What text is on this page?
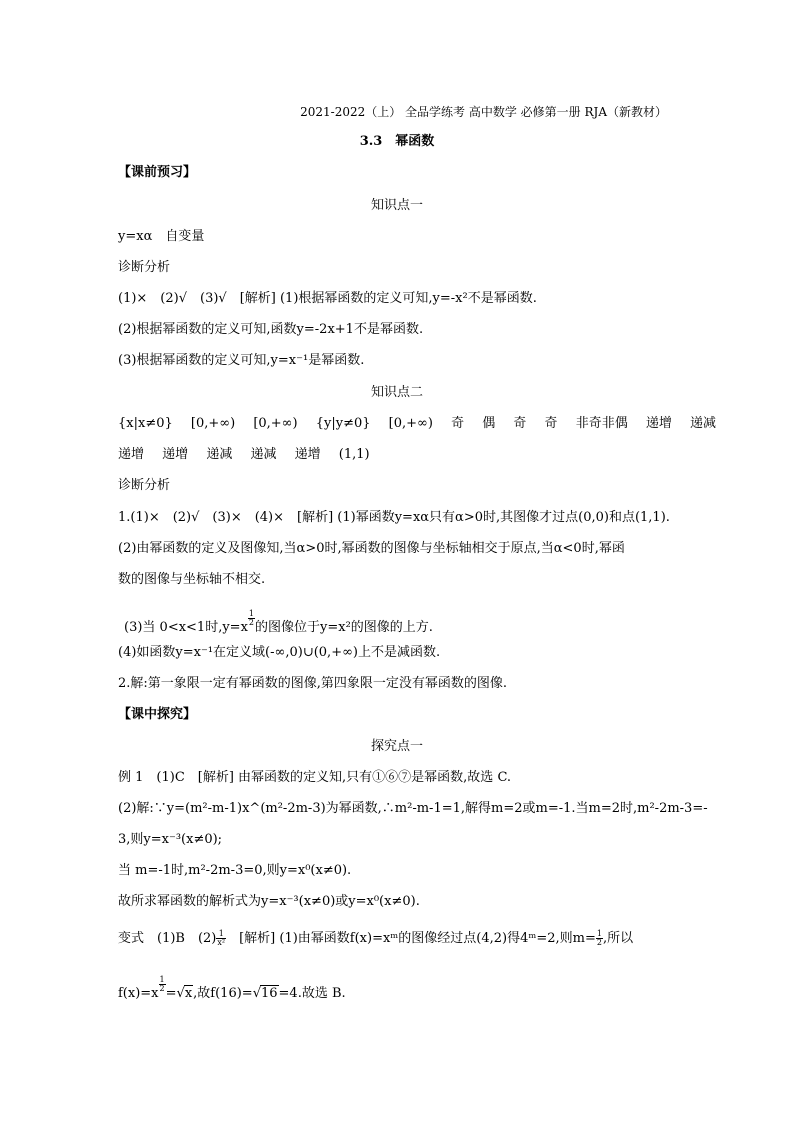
2021-2022（上） 全品学练考 高中数学 必修第一册 RJA（新教材）
3.3　幂函数
【课前预习】
知识点一
y=xα　自变量
诊断分析
(1)×　(2)√　(3)√　[解析] (1)根据幂函数的定义可知,y=-x²不是幂函数.
(2)根据幂函数的定义可知,函数y=-2x+1不是幂函数.
(3)根据幂函数的定义可知,y=x⁻¹是幂函数.
知识点二
{x|x≠0} [0,+∞) [0,+∞) {y|y≠0} [0,+∞) 奇 偶 奇 奇 非奇非偶 递增 递减
递增 递增 递减 递减 递增 (1,1)
诊断分析
1.(1)×　(2)√　(3)×　(4)×　[解析] (1)幂函数y=xα只有α>0时,其图像才过点(0,0)和点(1,1).
(2)由幂函数的定义及图像知,当α>0时,幂函数的图像与坐标轴相交于原点,当α<0时,幂函
数的图像与坐标轴不相交.
(3)当 0<x<1时,y=x
$\frac{1}{2}$
的图像位于y=x²的图像的上方.
(4)如函数y=x⁻¹在定义域(-∞,0)∪(0,+∞)上不是减函数.
2.解:第一象限一定有幂函数的图像,第四象限一定没有幂函数的图像.
【课中探究】
探究点一
例 1　(1)C　[解析] 由幂函数的定义知,只有①⑥⑦是幂函数,故选 C.
(2)解:∵y=(m²-m-1)x^(m²-2m-3)为幂函数,∴m²-m-1=1,解得m=2或m=-1.当m=2时,m²-2m-3=-
3,则y=x⁻³(x≠0);
当 m=-1时,m²-2m-3=0,则y=x⁰(x≠0).
故所求幂函数的解析式为y=x⁻³(x≠0)或y=x⁰(x≠0).
变式　(1)B　$(2) \frac{1}{\text{x²}}$ 　[解析] (1)由幂函数f(x)=xᵐ的图像经过点(4,2)得4ᵐ=2,则$m= \frac{1}{2}$ ,所以
f(x)=x
$\frac{1}{2}$
=√x,故f(16)=√16=4.故选 B.
